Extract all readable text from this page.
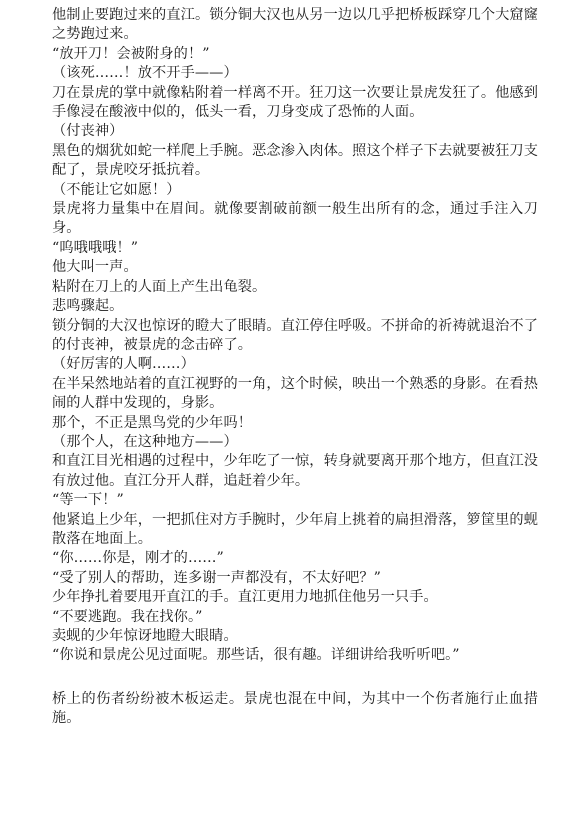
他制止要跑过来的直江。锁分铜大汉也从另一边以几乎把桥板踩穿几个大窟窿之势跑过来。

“放开刀！会被附身的！”

（该死……！放不开手——）

刀在景虎的掌中就像粘附着一样离不开。狂刀这一次要让景虎发狂了。他感到手像浸在酸液中似的，低头一看，刀身变成了恐怖的人面。

（付丧神）

黑色的烟犹如蛇一样爬上手腕。恶念渗入肉体。照这个样子下去就要被狂刀支配了，景虎咬牙抵抗着。

（不能让它如愿！）

景虎将力量集中在眉间。就像要割破前额一般生出所有的念，通过手注入刀身。

“呜哦哦哦！”

他大叫一声。

粘附在刀上的人面上产生出龟裂。

悲鸣骤起。

锁分铜的大汉也惊讶的瞪大了眼睛。直江停住呼吸。不拼命的祈祷就退治不了的付丧神，被景虎的念击碎了。

（好厉害的人啊……）

在半呆然地站着的直江视野的一角，这个时候，映出一个熟悉的身影。在看热闹的人群中发现的，身影。

那个，不正是黑鸟党的少年吗！

（那个人，在这种地方——）

和直江目光相遇的过程中，少年吃了一惊，转身就要离开那个地方，但直江没有放过他。直江分开人群，追赶着少年。

“等一下！”

他紧追上少年，一把抓住对方手腕时，少年肩上挑着的扁担滑落，箩筐里的蚬散落在地面上。

“你……你是，刚才的……”

“受了别人的帮助，连多谢一声都没有，不太好吧？”

少年挣扎着要甩开直江的手。直江更用力地抓住他另一只手。

“不要逃跑。我在找你。”

卖蚬的少年惊讶地瞪大眼睛。

“你说和景虎公见过面呢。那些话，很有趣。详细讲给我听听吧。”

桥上的伤者纷纷被木板运走。景虎也混在中间，为其中一个伤者施行止血措施。
